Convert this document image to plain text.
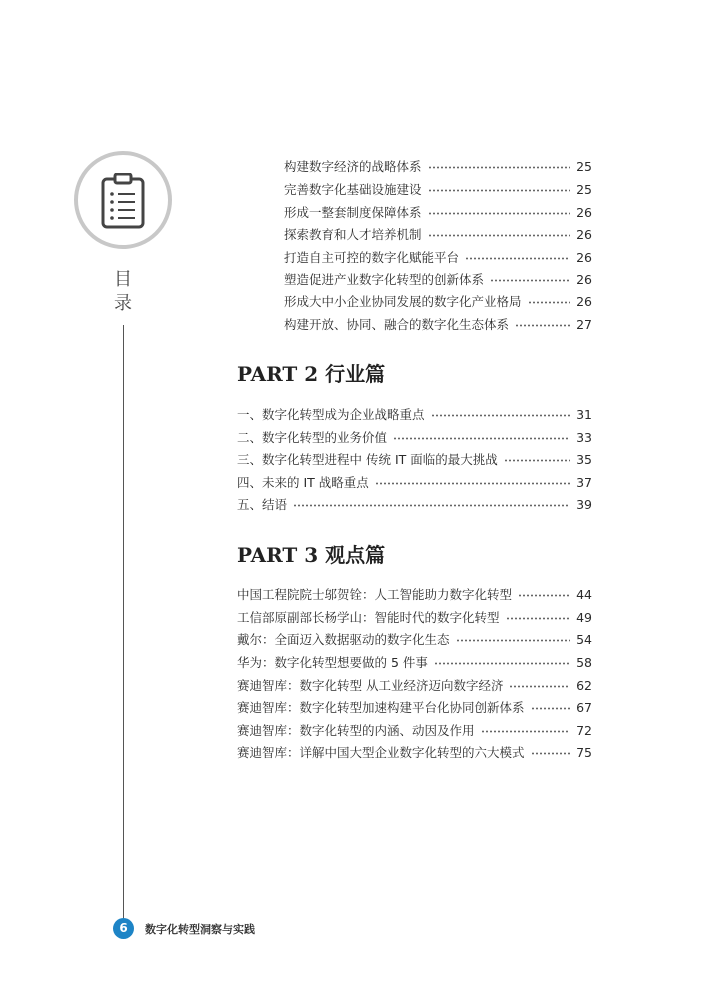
目
录
构建数字经济的战略体系	25
完善数字化基础设施建设	25
形成一整套制度保障体系	26
探索教育和人才培养机制	26
打造自主可控的数字化赋能平台	26
塑造促进产业数字化转型的创新体系	26
形成大中小企业协同发展的数字化产业格局	26
构建开放、协同、融合的数字化生态体系	27
PART 2 行业篇
一、数字化转型成为企业战略重点	31
二、数字化转型的业务价值	33
三、数字化转型进程中 传统 IT 面临的最大挑战	35
四、未来的 IT 战略重点	37
五、结语	39
PART 3 观点篇
中国工程院院士邬贺铨：人工智能助力数字化转型	44
工信部原副部长杨学山：智能时代的数字化转型	49
戴尔：全面迈入数据驱动的数字化生态	54
华为：数字化转型想要做的 5 件事	58
赛迪智库：数字化转型 从工业经济迈向数字经济	62
赛迪智库：数字化转型加速构建平台化协同创新体系	67
赛迪智库：数字化转型的内涵、动因及作用	72
赛迪智库：详解中国大型企业数字化转型的六大模式	75
6	数字化转型洞察与实践
